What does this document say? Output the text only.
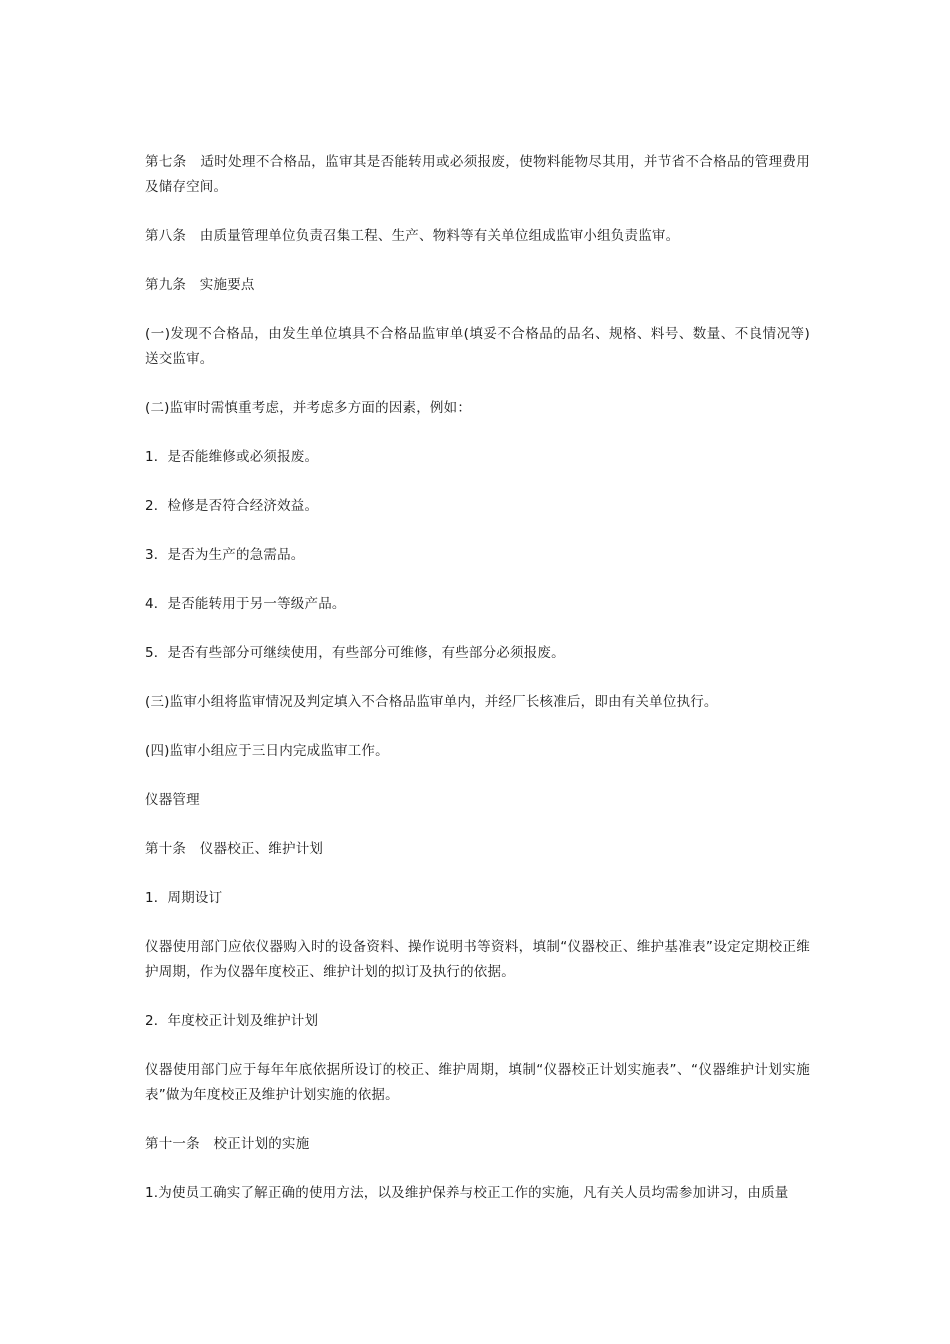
第七条　适时处理不合格品，监审其是否能转用或必须报废，使物料能物尽其用，并节省不合格品的管理费用及储存空间。

第八条　由质量管理单位负责召集工程、生产、物料等有关单位组成监审小组负责监审。

第九条　实施要点

(一)发现不合格品，由发生单位填具不合格品监审单(填妥不合格品的品名、规格、料号、数量、不良情况等)送交监审。

(二)监审时需慎重考虑，并考虑多方面的因素，例如：

1．是否能维修或必须报废。

2．检修是否符合经济效益。

3．是否为生产的急需品。

4．是否能转用于另一等级产品。

5．是否有些部分可继续使用，有些部分可维修，有些部分必须报废。

(三)监审小组将监审情况及判定填入不合格品监审单内，并经厂长核准后，即由有关单位执行。

(四)监审小组应于三日内完成监审工作。

仪器管理

第十条　仪器校正、维护计划

1．周期设订

仪器使用部门应依仪器购入时的设备资料、操作说明书等资料，填制“仪器校正、维护基准表”设定定期校正维护周期，作为仪器年度校正、维护计划的拟订及执行的依据。

2．年度校正计划及维护计划

仪器使用部门应于每年年底依据所设订的校正、维护周期，填制“仪器校正计划实施表”、“仪器维护计划实施表”做为年度校正及维护计划实施的依据。

第十一条　校正计划的实施

1.为使员工确实了解正确的使用方法，以及维护保养与校正工作的实施，凡有关人员均需参加讲习，由质量
